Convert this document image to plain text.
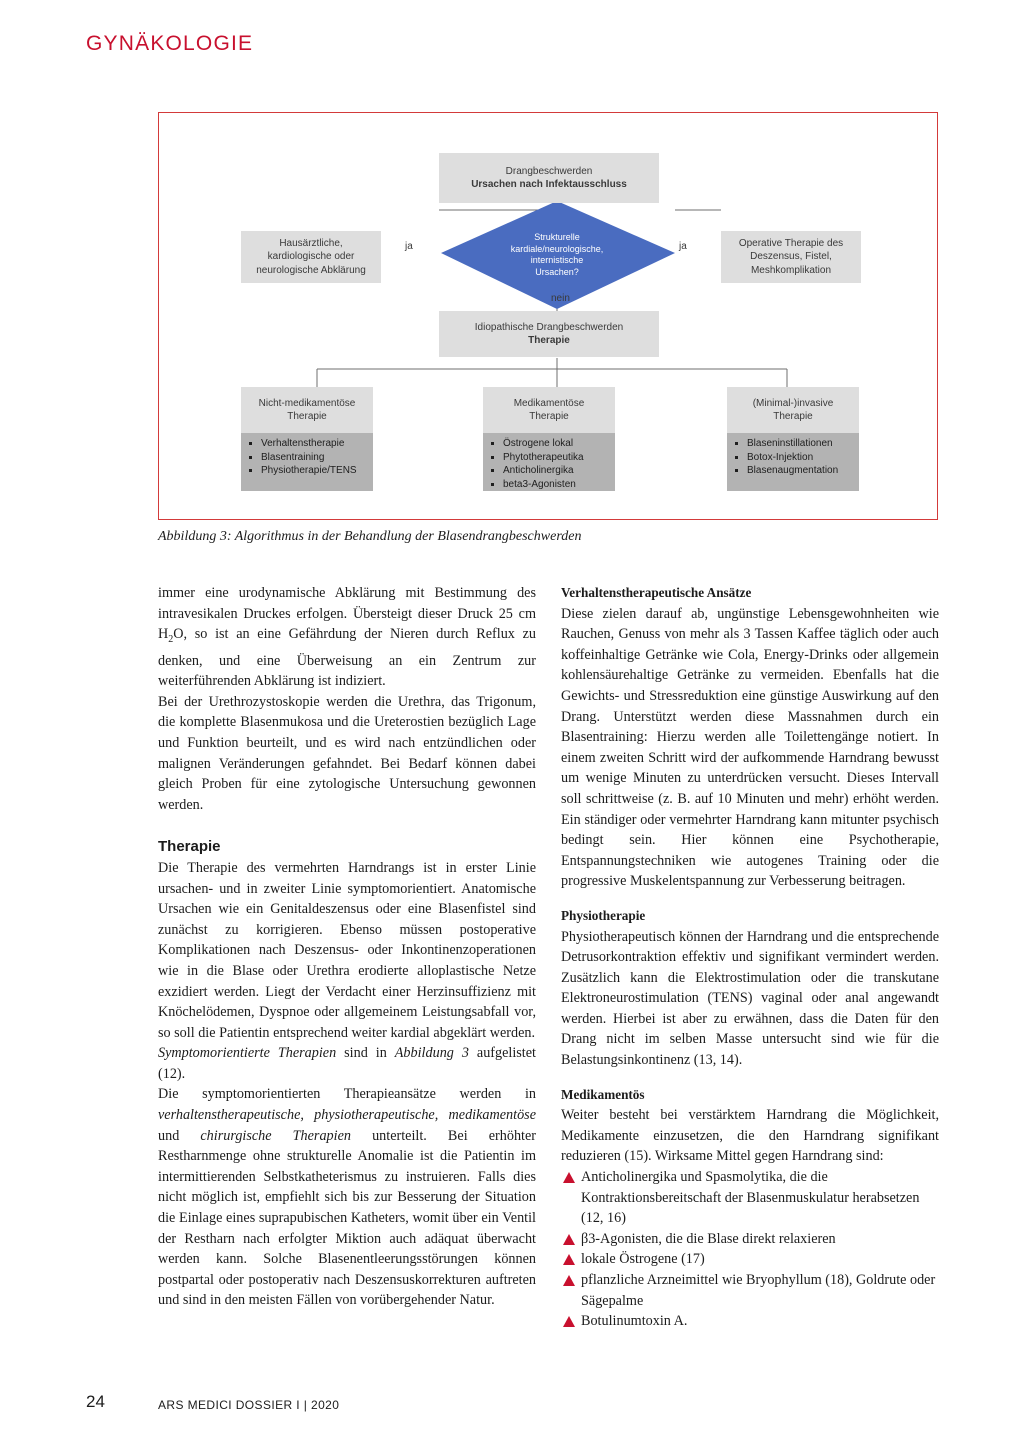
GYNÄKOLOGIE
Drangbeschwerden
Ursachen nach Infektausschluss
Hausärztliche,
kardiologische oder
neurologische Abklärung
Operative Therapie des
Deszensus, Fistel,
Meshkomplikation
Strukturelle
kardiale/neurologische,
internistische
Ursachen?
ja	ja
nein
Idiopathische Drangbeschwerden
Therapie
Nicht-medikamentöse
Therapie
Verhaltenstherapie
Blasentraining
Physiotherapie/TENS
Medikamentöse
Therapie
Östrogene lokal
Phytotherapeutika
Anticholinergika
beta3-Agonisten
(Minimal-)invasive
Therapie
Blaseninstillationen
Botox-Injektion
Blasenaugmentation
Abbildung 3: Algorithmus in der Behandlung der Blasendrangbeschwerden

immer eine urodynamische Abklärung mit Bestimmung des intravesikalen Druckes erfolgen. Übersteigt dieser Druck 25 cm $H_2O$, so ist an eine Gefährdung der Nieren durch Reflux zu denken, und eine Überweisung an ein Zentrum zur weiterführenden Abklärung ist indiziert.

Bei der Urethrozystoskopie werden die Urethra, das Trigonum, die komplette Blasenmukosa und die Ureterostien bezüglich Lage und Funktion beurteilt, und es wird nach entzündlichen oder malignen Veränderungen gefahndet. Bei Bedarf können dabei gleich Proben für eine zytologische Untersuchung gewonnen werden.

Therapie

Die Therapie des vermehrten Harndrangs ist in erster Linie ursachen- und in zweiter Linie symptomorientiert. Anatomische Ursachen wie ein Genitaldeszensus oder eine Blasenfistel sind zunächst zu korrigieren. Ebenso müssen postoperative Komplikationen nach Deszensus- oder Inkontinenzoperationen wie in die Blase oder Urethra erodierte alloplastische Netze exzidiert werden. Liegt der Verdacht einer Herzinsuffizienz mit Knöchelödemen, Dyspnoe oder allgemeinem Leistungsabfall vor, so soll die Patientin entsprechend weiter kardial abgeklärt werden.

Symptomorientierte Therapien sind in Abbildung 3 aufgelistet (12).

Die symptomorientierten Therapieansätze werden in verhaltenstherapeutische, physiotherapeutische, medikamentöse und chirurgische Therapien unterteilt. Bei erhöhter Restharnmenge ohne strukturelle Anomalie ist die Patientin im intermittierenden Selbstkatheterismus zu instruieren. Falls dies nicht möglich ist, empfiehlt sich bis zur Besserung der Situation die Einlage eines suprapubischen Katheters, womit über ein Ventil der Restharn nach erfolgter Miktion auch adäquat überwacht werden kann. Solche Blasenentleerungsstörungen können postpartal oder postoperativ nach Deszensuskorrekturen auftreten und sind in den meisten Fällen von vorübergehender Natur.

Verhaltenstherapeutische Ansätze

Diese zielen darauf ab, ungünstige Lebensgewohnheiten wie Rauchen, Genuss von mehr als 3 Tassen Kaffee täglich oder auch koffeinhaltige Getränke wie Cola, Energy-Drinks oder allgemein kohlensäurehaltige Getränke zu vermeiden. Ebenfalls hat die Gewichts- und Stressreduktion eine günstige Auswirkung auf den Drang. Unterstützt werden diese Massnahmen durch ein Blasentraining: Hierzu werden alle Toilettengänge notiert. In einem zweiten Schritt wird der aufkommende Harndrang bewusst um wenige Minuten zu unterdrücken versucht. Dieses Intervall soll schrittweise (z. B. auf 10 Minuten und mehr) erhöht werden. Ein ständiger oder vermehrter Harndrang kann mitunter psychisch bedingt sein. Hier können eine Psychotherapie, Entspannungstechniken wie autogenes Training oder die progressive Muskelentspannung zur Verbesserung beitragen.

Physiotherapie

Physiotherapeutisch können der Harndrang und die entsprechende Detrusorkontraktion effektiv und signifikant vermindert werden. Zusätzlich kann die Elektrostimulation oder die transkutane Elektroneurostimulation (TENS) vaginal oder anal angewandt werden. Hierbei ist aber zu erwähnen, dass die Daten für den Drang nicht im selben Masse untersucht sind wie für die Belastungsinkontinenz (13, 14).

Medikamentös

Weiter besteht bei verstärktem Harndrang die Möglichkeit, Medikamente einzusetzen, die den Harndrang signifikant reduzieren (15). Wirksame Mittel gegen Harndrang sind:

Anticholinergika und Spasmolytika, die die Kontraktionsbereitschaft der Blasenmuskulatur herabsetzen (12, 16)
β3-Agonisten, die die Blase direkt relaxieren
lokale Östrogene (17)
pflanzliche Arzneimittel wie Bryophyllum (18), Goldrute oder Sägepalme
Botulinumtoxin A.
24	ARS MEDICI DOSSIER I | 2020
